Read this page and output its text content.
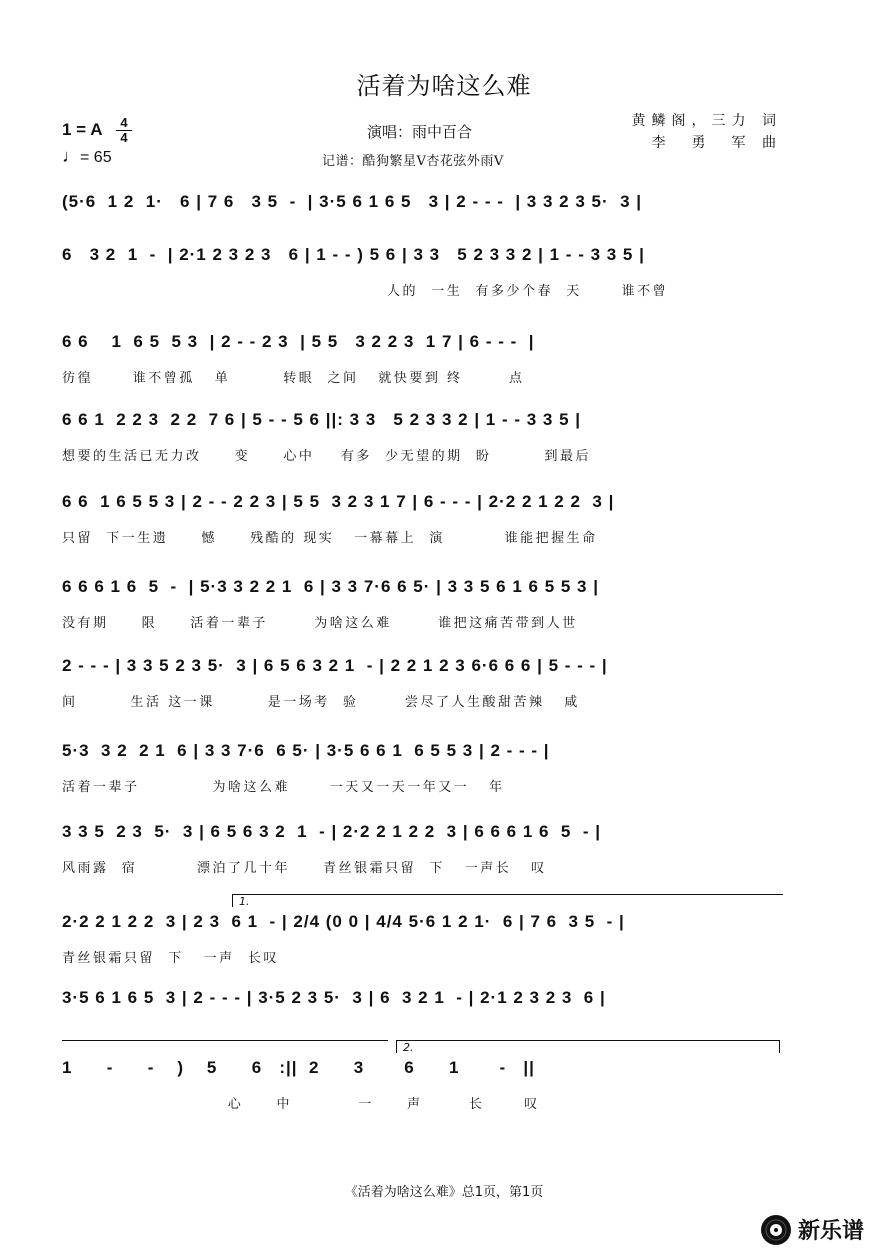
活着为啥这么难
1 = A	4
4
♩= 65
演唱：雨中百合
记谱：酷狗繁星V杏花弦外雨V
黄鳞阁，三力 词
李　勇　军 曲
(5·6  1 2  1·   6 | 7 6   3 5  -  | 3·5 6 1 6 5   3 | 2 - - -  | 3 3 2 3 5·  3 |
6   3 2  1  -  | 2·1 2 3 2 3   6 | 1 - - ) 5 6 | 3 3   5 2 3 3 2 | 1 - - 3 3 5 |
人的  一生  有多少个春  天      谁不曾
6 6    1  6 5  5 3  | 2 - - 2 3  | 5 5   3 2 2 3  1 7 | 6 - - -  |
彷徨      谁不曾孤   单        转眼  之间   就快要到 终       点
6 6 1  2 2 3  2 2  7 6 | 5 - - 5 6 ||: 3 3   5 2 3 3 2 | 1 - - 3 3 5 |
想要的生活已无力改     变     心中    有多  少无望的期  盼        到最后
6 6  1 6 5 5 3 | 2 - - 2 2 3 | 5 5  3 2 3 1 7 | 6 - - - | 2·2 2 1 2 2  3 |
只留  下一生遗     憾     残酷的 现实   一幕幕上  演         谁能把握生命
6 6 6 1 6  5  -  | 5·3 3 2 2 1  6 | 3 3 7·6 6 5· | 3 3 5 6 1 6 5 5 3 |
没有期     限     活着一辈子       为啥这么难       谁把这痛苦带到人世
2 - - - | 3 3 5 2 3 5·  3 | 6 5 6 3 2 1  - | 2 2 1 2 3 6·6 6 6 | 5 - - - |
间        生活 这一课        是一场考  验       尝尽了人生酸甜苦辣   咸
5·3  3 2  2 1  6 | 3 3 7·6  6 5· | 3·5 6 6 1  6 5 5 3 | 2 - - - |
活着一辈子           为啥这么难      一天又一天一年又一   年
3 3 5  2 3  5·  3 | 6 5 6 3 2  1  - | 2·2 2 1 2 2  3 | 6 6 6 1 6  5  - |
风雨露  宿         漂泊了几十年     青丝银霜只留  下   一声长   叹
1.
2·2 2 1 2 2  3 | 2 3  6 1  - | 2/4 (0 0 | 4/4 5·6 1 2 1·  6 | 7 6  3 5  - |
青丝银霜只留  下   一声  长叹
3·5 6 1 6 5  3 | 2 - - - | 3·5 2 3 5·  3 | 6  3 2 1  - | 2·1 2 3 2 3  6 |
2.
1      -      -    )    5      6   :||  2      3       6      1       -   ||
心     中          一     声       长      叹
《活着为啥这么难》总1页，第1页
新乐谱
